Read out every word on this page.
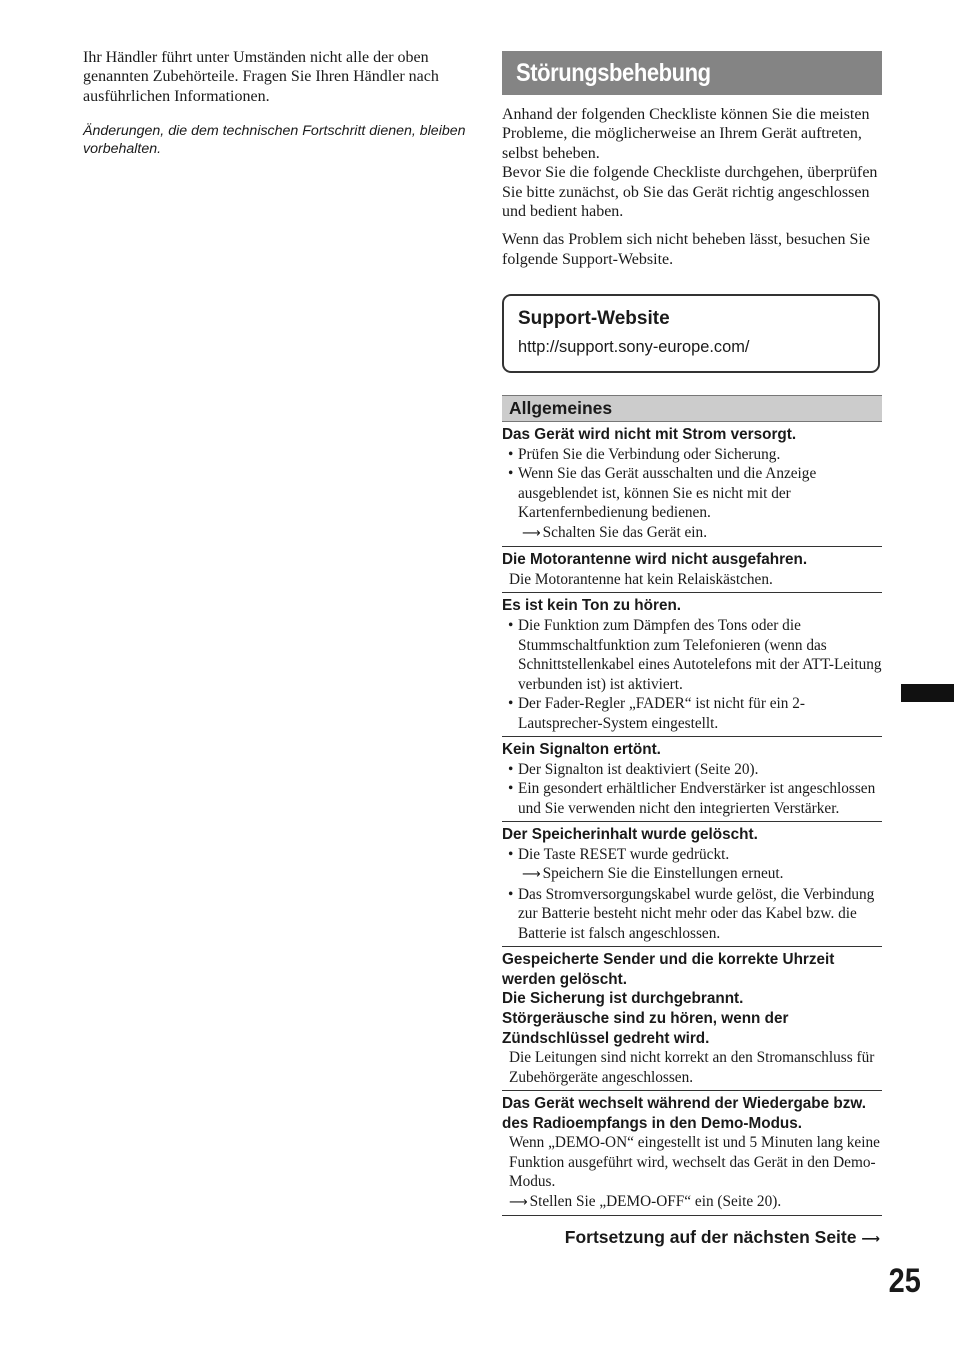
Ihr Händler führt unter Umständen nicht alle der oben genannten Zubehörteile. Fragen Sie Ihren Händler nach ausführlichen Informationen.

Änderungen, die dem technischen Fortschritt dienen, bleiben vorbehalten.

Störungsbehebung

Anhand der folgenden Checkliste können Sie die meisten Probleme, die möglicherweise an Ihrem Gerät auftreten, selbst beheben.

Bevor Sie die folgende Checkliste durchgehen, überprüfen Sie bitte zunächst, ob Sie das Gerät richtig angeschlossen und bedient haben.

Wenn das Problem sich nicht beheben lässt, besuchen Sie folgende Support-Website.

Support-Website
http://support.sony-europe.com/
Allgemeines
Das Gerät wird nicht mit Strom versorgt.
• Prüfen Sie die Verbindung oder Sicherung.
• Wenn Sie das Gerät ausschalten und die Anzeige ausgeblendet ist, können Sie es nicht mit der Kartenfernbedienung bedienen.
⟶ Schalten Sie das Gerät ein.
Die Motorantenne wird nicht ausgefahren.
Die Motorantenne hat kein Relaiskästchen.
Es ist kein Ton zu hören.
• Die Funktion zum Dämpfen des Tons oder die Stummschaltfunktion zum Telefonieren (wenn das Schnittstellenkabel eines Autotelefons mit der ATT-Leitung verbunden ist) ist aktiviert.
• Der Fader-Regler „FADER“ ist nicht für ein 2-Lautsprecher-System eingestellt.
Kein Signalton ertönt.
• Der Signalton ist deaktiviert (Seite 20).
• Ein gesondert erhältlicher Endverstärker ist angeschlossen und Sie verwenden nicht den integrierten Verstärker.
Der Speicherinhalt wurde gelöscht.
• Die Taste RESET wurde gedrückt.
⟶ Speichern Sie die Einstellungen erneut.
• Das Stromversorgungskabel wurde gelöst, die Verbindung zur Batterie besteht nicht mehr oder das Kabel bzw. die Batterie ist falsch angeschlossen.
Gespeicherte Sender und die korrekte Uhrzeit werden gelöscht.
Die Sicherung ist durchgebrannt.
Störgeräusche sind zu hören, wenn der Zündschlüssel gedreht wird.
Die Leitungen sind nicht korrekt an den Stromanschluss für Zubehörgeräte angeschlossen.
Das Gerät wechselt während der Wiedergabe bzw. des Radioempfangs in den Demo-Modus.
Wenn „DEMO-ON“ eingestellt ist und 5 Minuten lang keine Funktion ausgeführt wird, wechselt das Gerät in den Demo-Modus.
⟶ Stellen Sie „DEMO-OFF“ ein (Seite 20).
Fortsetzung auf der nächsten Seite ⟶
25
